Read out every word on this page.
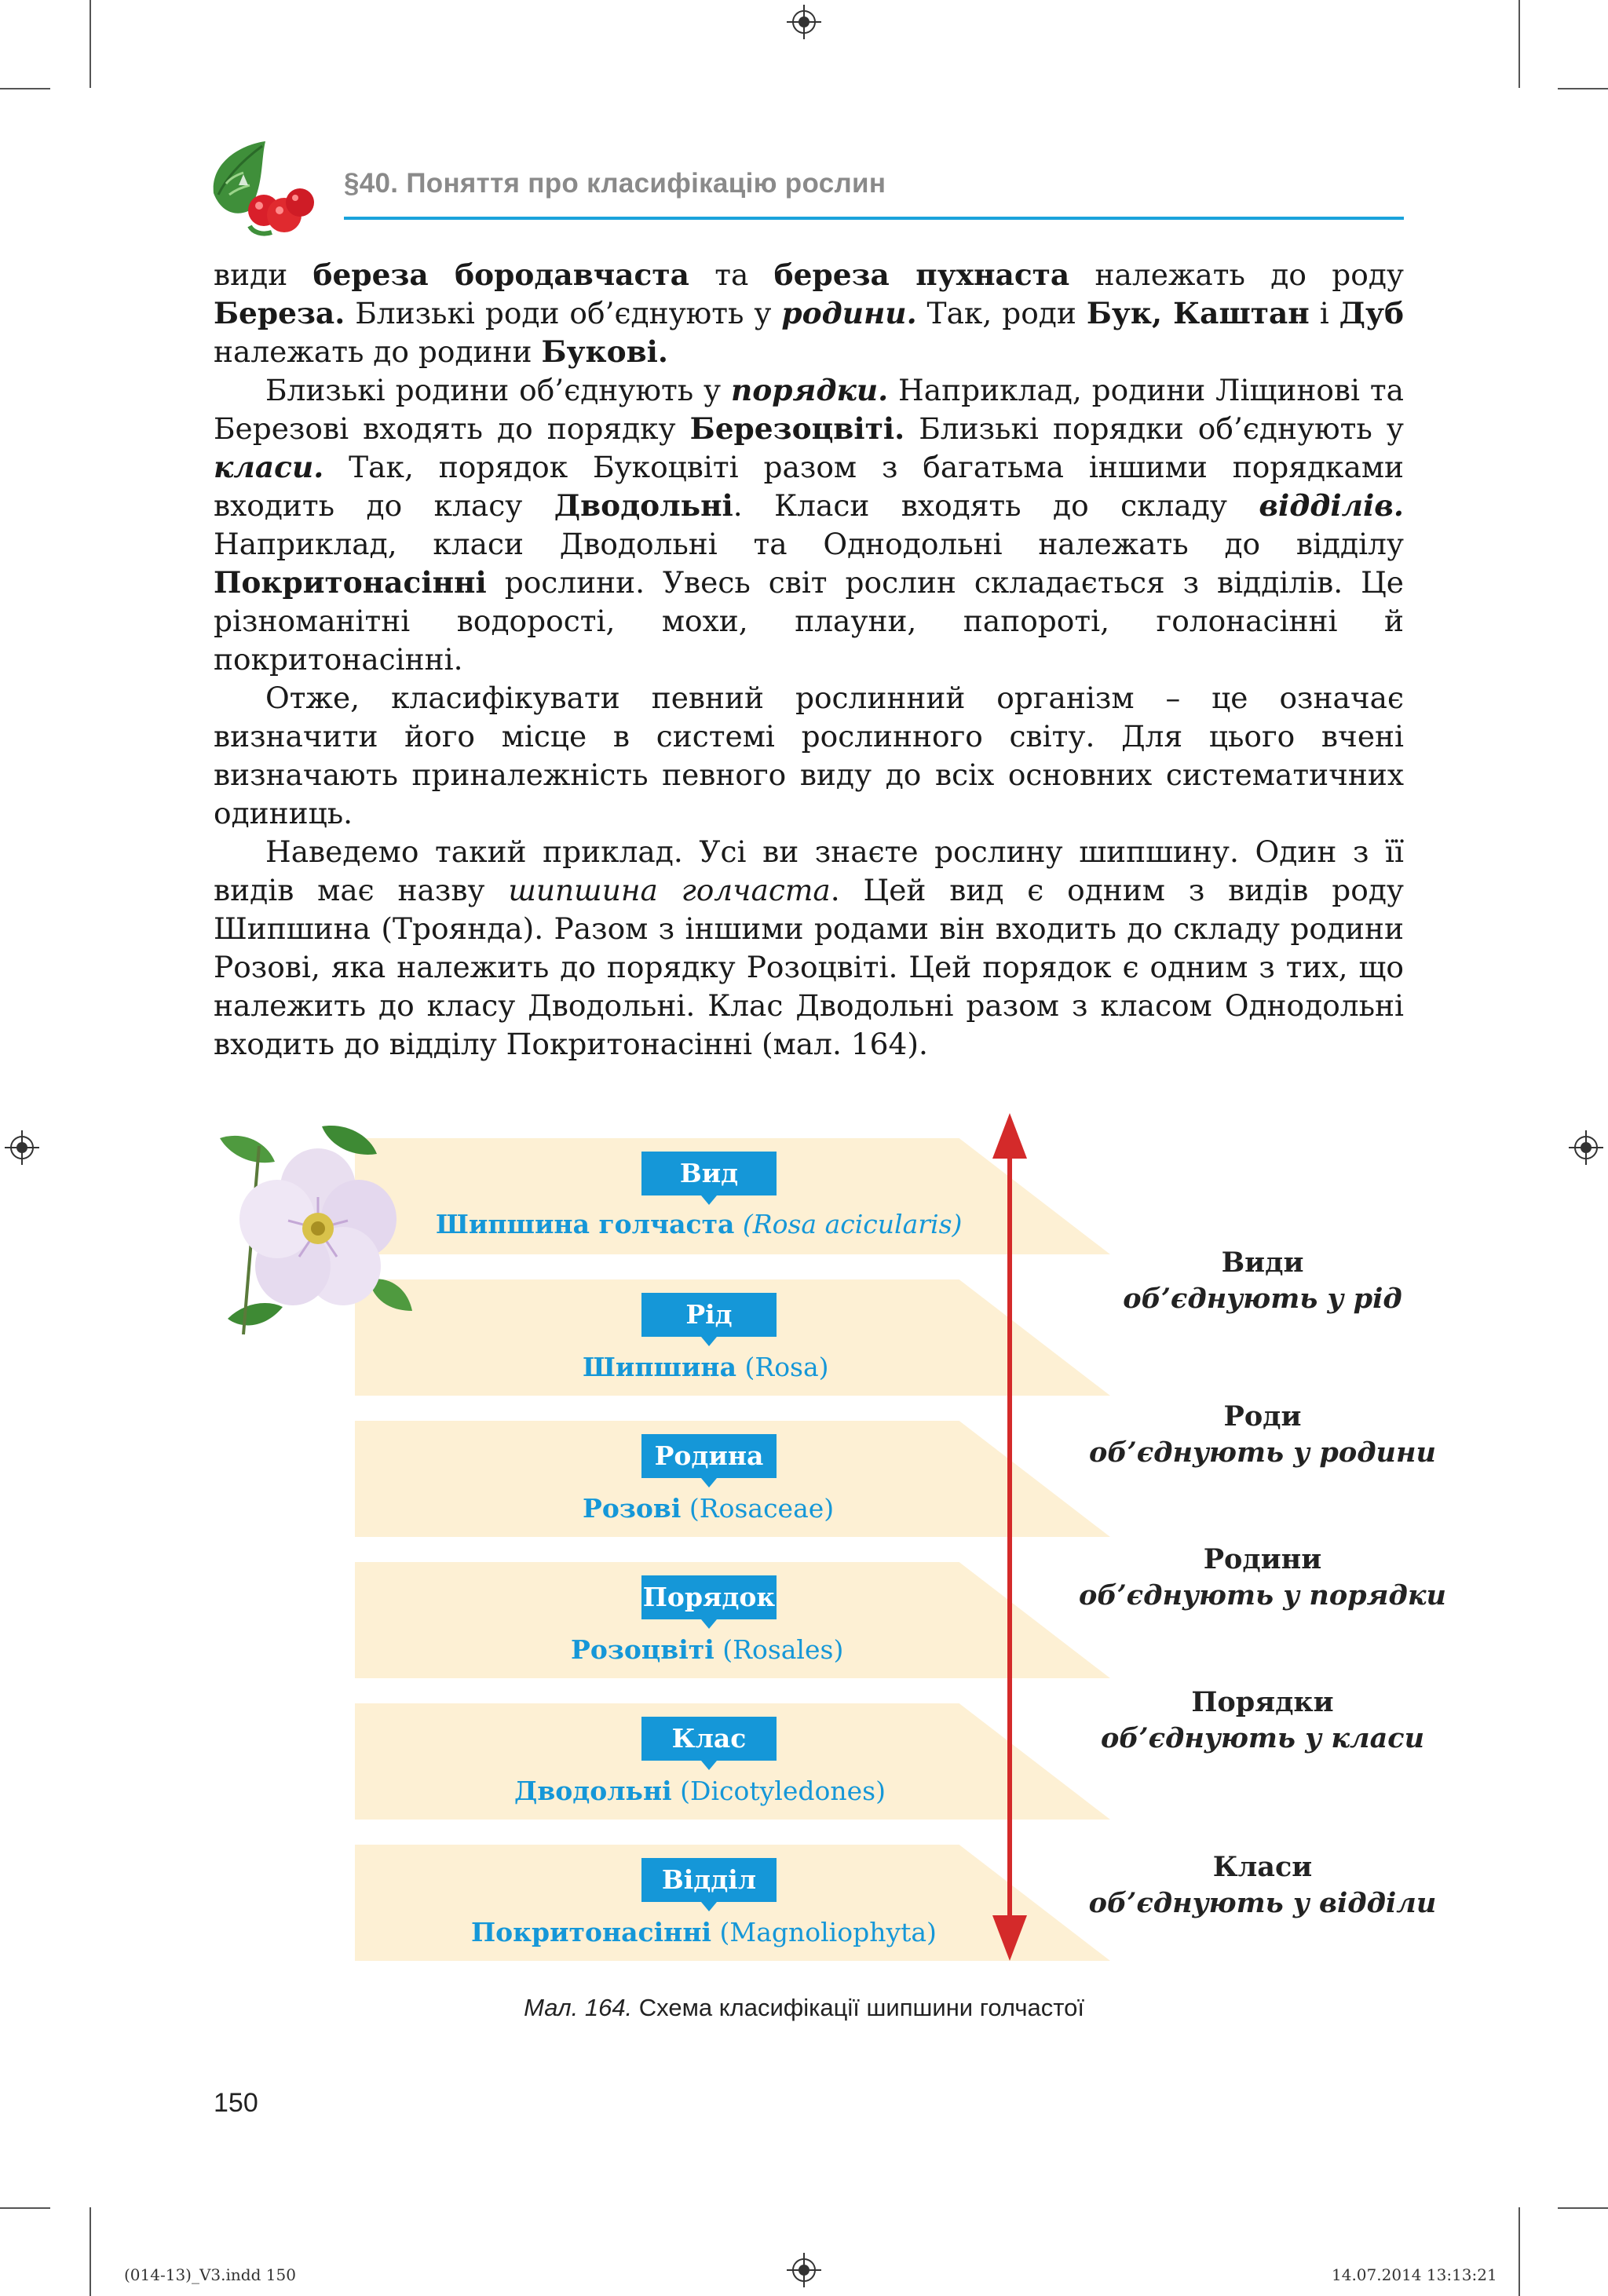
§40. Поняття про класифікацію рослин

види береза бородавчаста та береза пухнаста належать до роду Береза. Близькі роди об’єднують у родини. Так, роди Бук, Каштан і Дуб належать до родини Букові.

Близькі родини об’єднують у порядки. Наприклад, родини Ліщинові та Березові входять до порядку Березоцвіті. Близькі порядки об’єднують у класи. Так, порядок Букоцвіті разом з багатьма іншими порядками входить до класу Дводольні. Класи входять до складу відділів. Наприклад, класи Дводольні та Однодольні належать до відділу Покритонасінні рослини. Увесь світ рослин складається з відділів. Це різноманітні водорості, мохи, плауни, папороті, голонасінні й покритонасінні.

Отже, класифікувати певний рослинний організм – це означає визначити його місце в системі рослинного світу. Для цього вчені визначають приналежність певного виду до всіх основних систематичних одиниць.

Наведемо такий приклад. Усі ви знаєте рослину шипшину. Один з її видів має назву шипшина голчаста. Цей вид є одним з видів роду Шипшина (Троянда). Разом з іншими родами він входить до складу родини Розові, яка належить до порядку Розоцвіті. Цей порядок є одним з тих, що належить до класу Дводольні. Клас Дводольні разом з класом Однодольні входить до відділу Покритонасінні (мал. 164).

Вид
Рід
Родина
Порядок
Клас
Відділ
Шипшина голчаста (Rosa acicularis)
Шипшина (Rosa)
Розові (Rosaceae)
Розоцвіті (Rosales)
Дводольні (Dicotyledones)
Покритонасінні (Magnoliophyta)
Види
об’єднують у рід
Роди
об’єднують у родини
Родини
об’єднують у порядки
Порядки
об’єднують у класи
Класи
об’єднують у відділи
Мал. 164. Схема класифікації шипшини голчастої
150
(014-13)_V3.indd 150	14.07.2014 13:13:21
